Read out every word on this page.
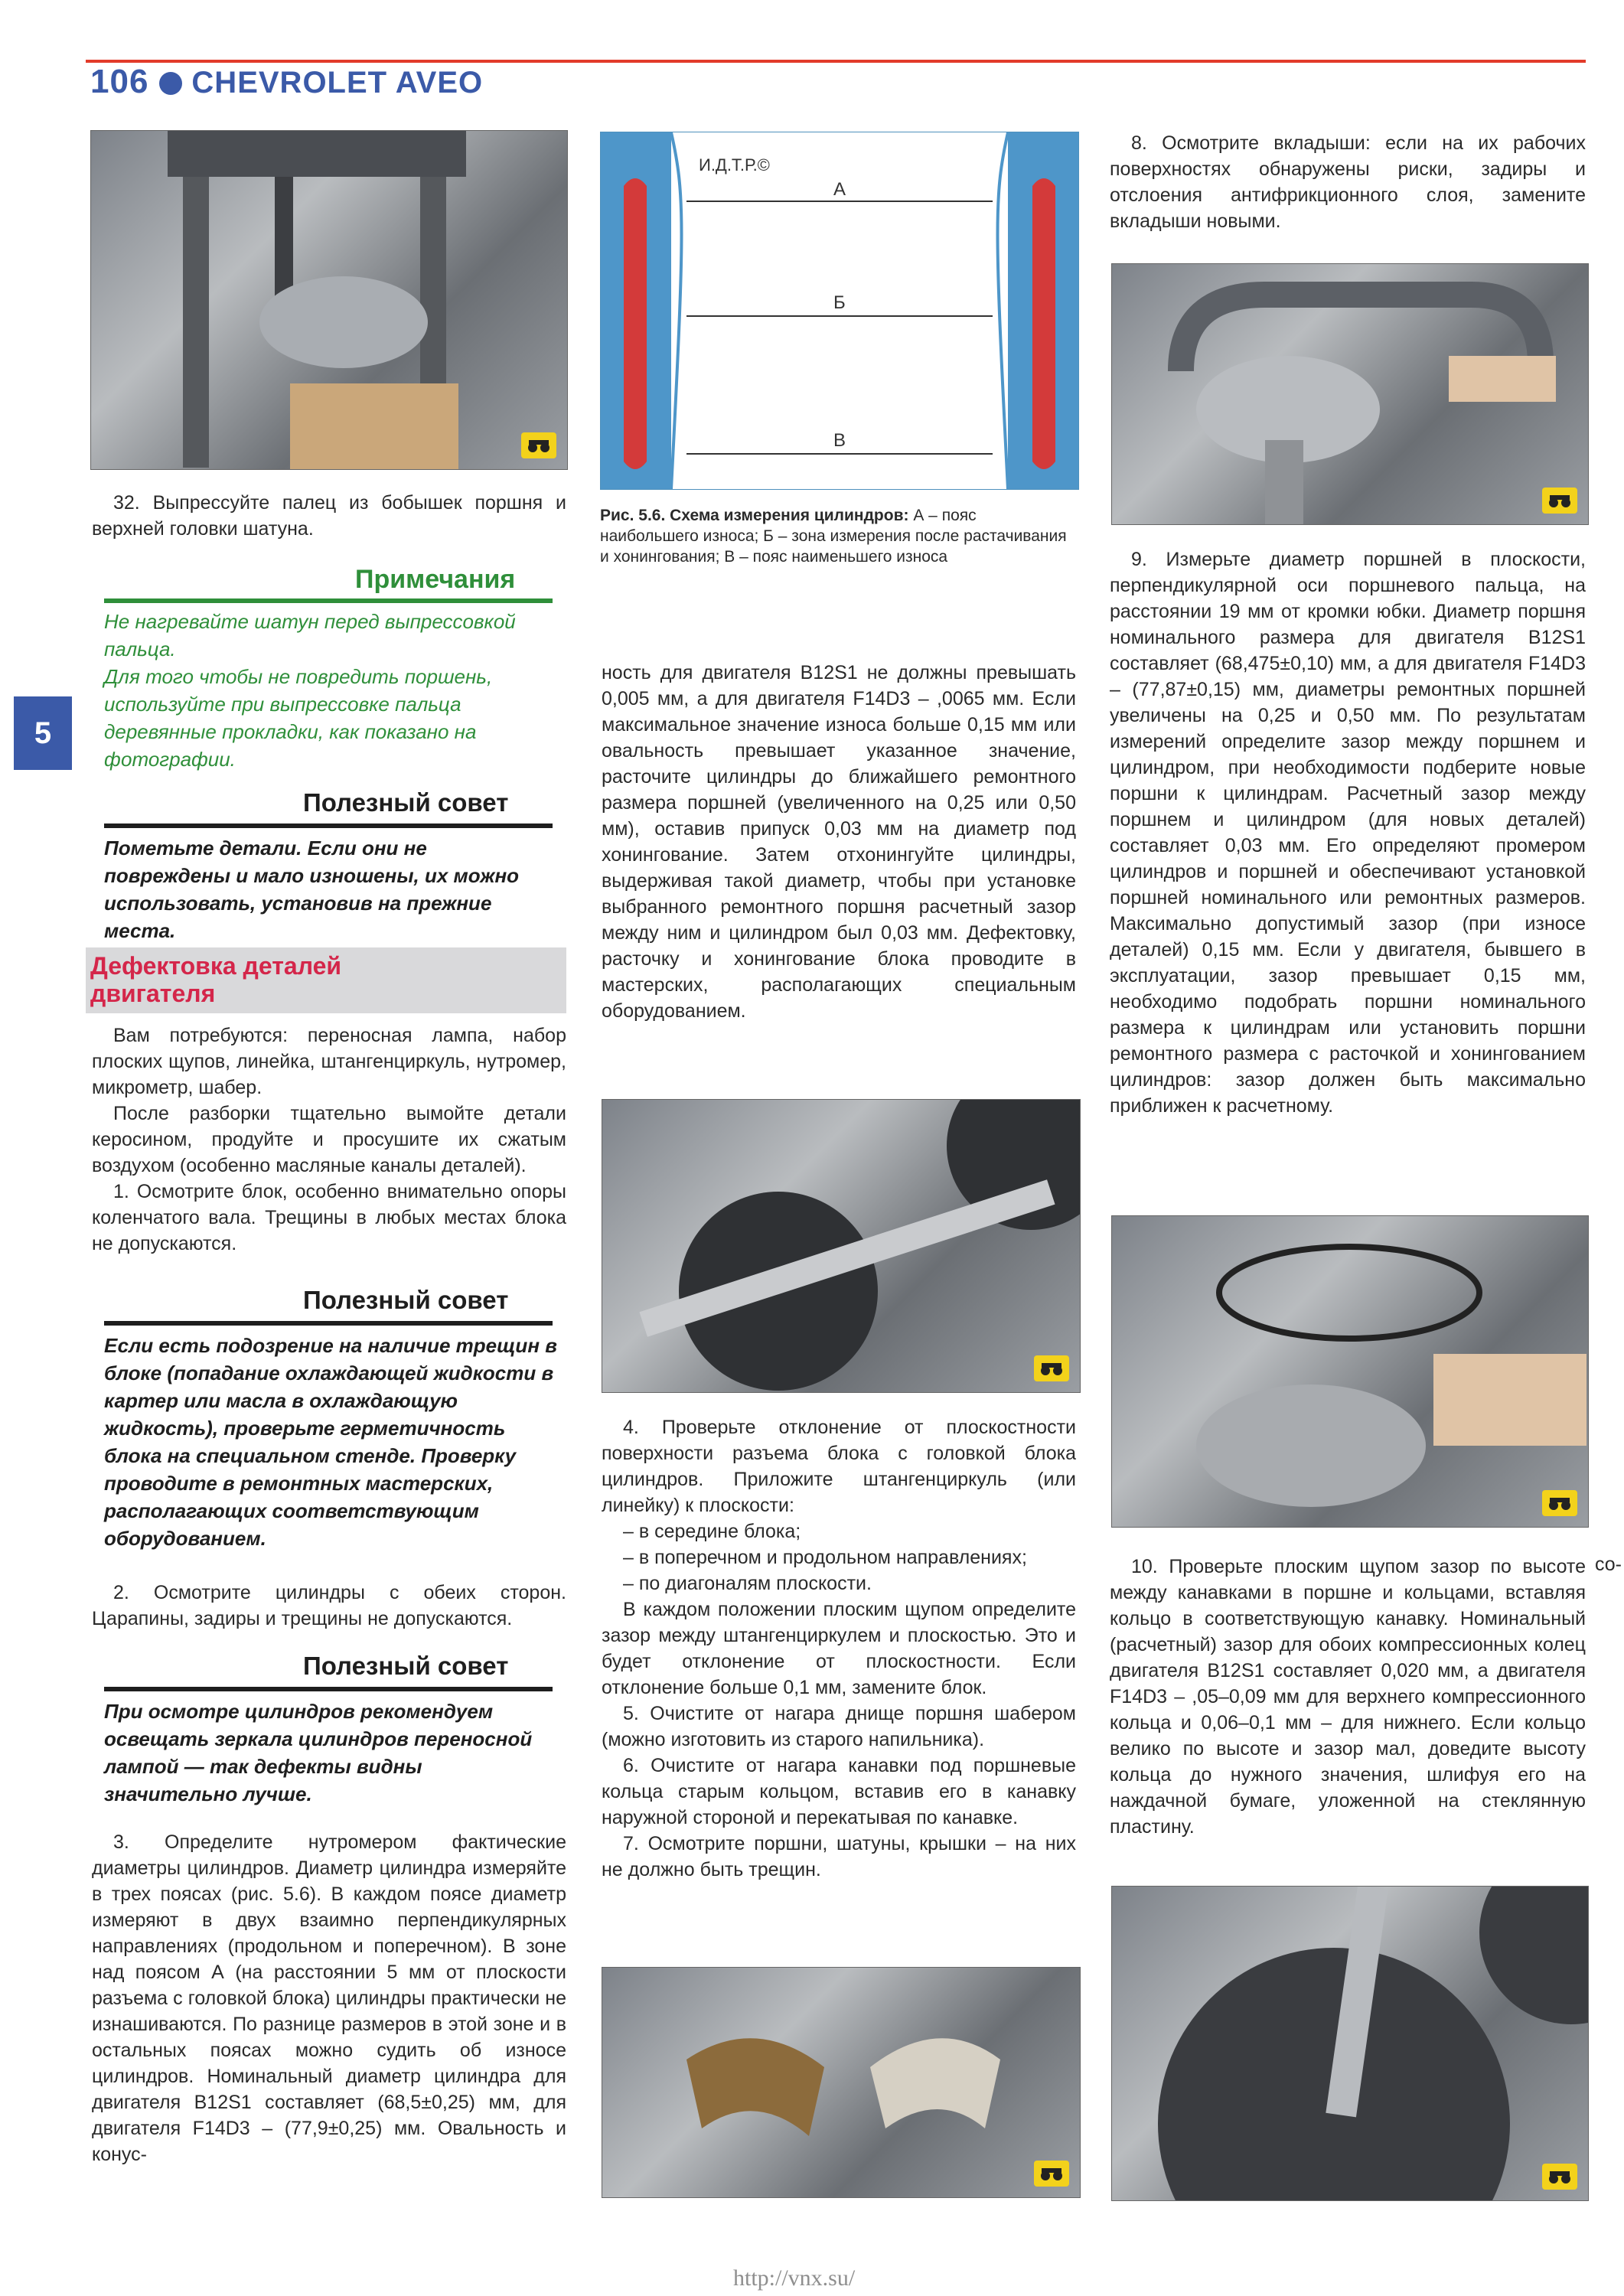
106 CHEVROLET AVEO
5

32. Выпрессуйте палец из бобышек поршня и верхней головки шатуна.

Примечания
Не нагревайте шатун перед выпрессовкой пальца.
Для того чтобы не повредить поршень, используйте при выпрессовке пальца деревянные прокладки, как показано на фотографии.
Полезный совет
Пометьте детали. Если они не повреждены и мало изношены, их можно использовать, установив на прежние места.
Дефектовка деталей
двигателя

Вам потребуются: переносная лампа, набор плоских щупов, линейка, штангенциркуль, нутромер, микрометр, шабер.

После разборки тщательно вымойте детали керосином, продуйте и просушите их сжатым воздухом (особенно масляные каналы деталей).

1. Осмотрите блок, особенно внимательно опоры коленчатого вала. Трещины в любых местах блока не допускаются.

Полезный совет
Если есть подозрение на наличие трещин в блоке (попадание охлаждающей жидкости в картер или масла в охлаждающую жидкость), проверьте герметичность блока на специальном стенде. Проверку проводите в ремонтных мастерских, располагающих соответствующим оборудованием.

2. Осмотрите цилиндры с обеих сторон. Царапины, задиры и трещины не допускаются.

Полезный совет
При осмотре цилиндров рекомендуем освещать зеркала цилиндров переносной лампой — так дефекты видны значительно лучше.

3. Определите нутромером фактические диаметры цилиндров. Диаметр цилиндра измеряйте в трех поясах (рис. 5.6). В каждом поясе диаметр измеряют в двух взаимно перпендикулярных направлениях (продольном и поперечном). В зоне над поясом А (на расстоянии 5 мм от плоскости разъема с головкой блока) цилиндры практически не изнашиваются. По разнице размеров в этой зоне и в остальных поясах можно судить об износе цилиндров. Номинальный диаметр цилиндра для двигателя B12S1 составляет (68,5±0,25) мм, для двигателя F14D3 – (77,9±0,25) мм. Овальность и конус-

И.Д.Т.Р.©
А
Б
В
Рис. 5.6. Схема измерения цилиндров: А – пояс наибольшего износа; Б – зона измерения после растачивания и хонингования; В – пояс наименьшего износа

ность для двигателя B12S1 не должны превышать 0,005 мм, а для двигателя F14D3 – ,0065 мм. Если максимальное значение износа больше 0,15 мм или овальность превышает указанное значение, расточите цилиндры до ближайшего ремонтного размера поршней (увеличенного на 0,25 или 0,50 мм), оставив припуск 0,03 мм на диаметр под хонингование. Затем отхонингуйте цилиндры, выдерживая такой диаметр, чтобы при установке выбранного ремонтного поршня расчетный зазор между ним и цилиндром был 0,03 мм. Дефектовку, расточку и хонингование блока проводите в мастерских, располагающих специальным оборудованием.

4. Проверьте отклонение от плоскостности поверхности разъема блока с головкой блока цилиндров. Приложите штангенциркуль (или линейку) к плоскости:

– в середине блока;

– в поперечном и продольном направлениях;

– по диагоналям плоскости.

В каждом положении плоским щупом определите зазор между штангенциркулем и плоскостью. Это и будет отклонение от плоскостности. Если отклонение больше 0,1 мм, замените блок.

5. Очистите от нагара днище поршня шабером (можно изготовить из старого напильника).

6. Очистите от нагара канавки под поршневые кольца старым кольцом, вставив его в канавку наружной стороной и перекатывая по канавке.

7. Осмотрите поршни, шатуны, крышки – на них не должно быть трещин.

8. Осмотрите вкладыши: если на их рабочих поверхностях обнаружены риски, задиры и отслоения антифрикционного слоя, замените вкладыши новыми.

9. Измерьте диаметр поршней в плоскости, перпендикулярной оси поршневого пальца, на расстоянии 19 мм от кромки юбки. Диаметр поршня номинального размера для двигателя B12S1 составляет (68,475±0,10) мм, а для двигателя F14D3 – (77,87±0,15) мм, диаметры ремонтных поршней увеличены на 0,25 и 0,50 мм. По результатам измерений определите зазор между поршнем и цилиндром, при необходимости подберите новые поршни к цилиндрам. Расчетный зазор между поршнем и цилиндром (для новых деталей) составляет 0,03 мм. Его определяют промером цилиндров и поршней и обеспечивают установкой поршней номинального или ремонтных размеров. Максимально допустимый зазор (при износе деталей) 0,15 мм. Если у двигателя, бывшего в эксплуатации, зазор превышает 0,15 мм, необходимо подобрать поршни номинального размера к цилиндрам или установить поршни ремонтного размера с расточкой и хонингованием цилиндров: зазор должен быть максимально приближен к расчетному.

10. Проверьте плоским щупом зазор по высоте между канавками в поршне и кольцами, вставляя кольцо в соответствующую канавку. Номинальный (расчетный) зазор для обоих компрессионных колец двигателя B12S1 составляет 0,020 мм, а двигателя F14D3 – ,05–0,09 мм для верхнего компрессионного кольца и 0,06–0,1 мм – для нижнего. Если кольцо велико по высоте и зазор мал, доведите высоту кольца до нужного значения, шлифуя его на наждачной бумаге, уложенной на стеклянную пластину.

со-
http://vnx.su/
